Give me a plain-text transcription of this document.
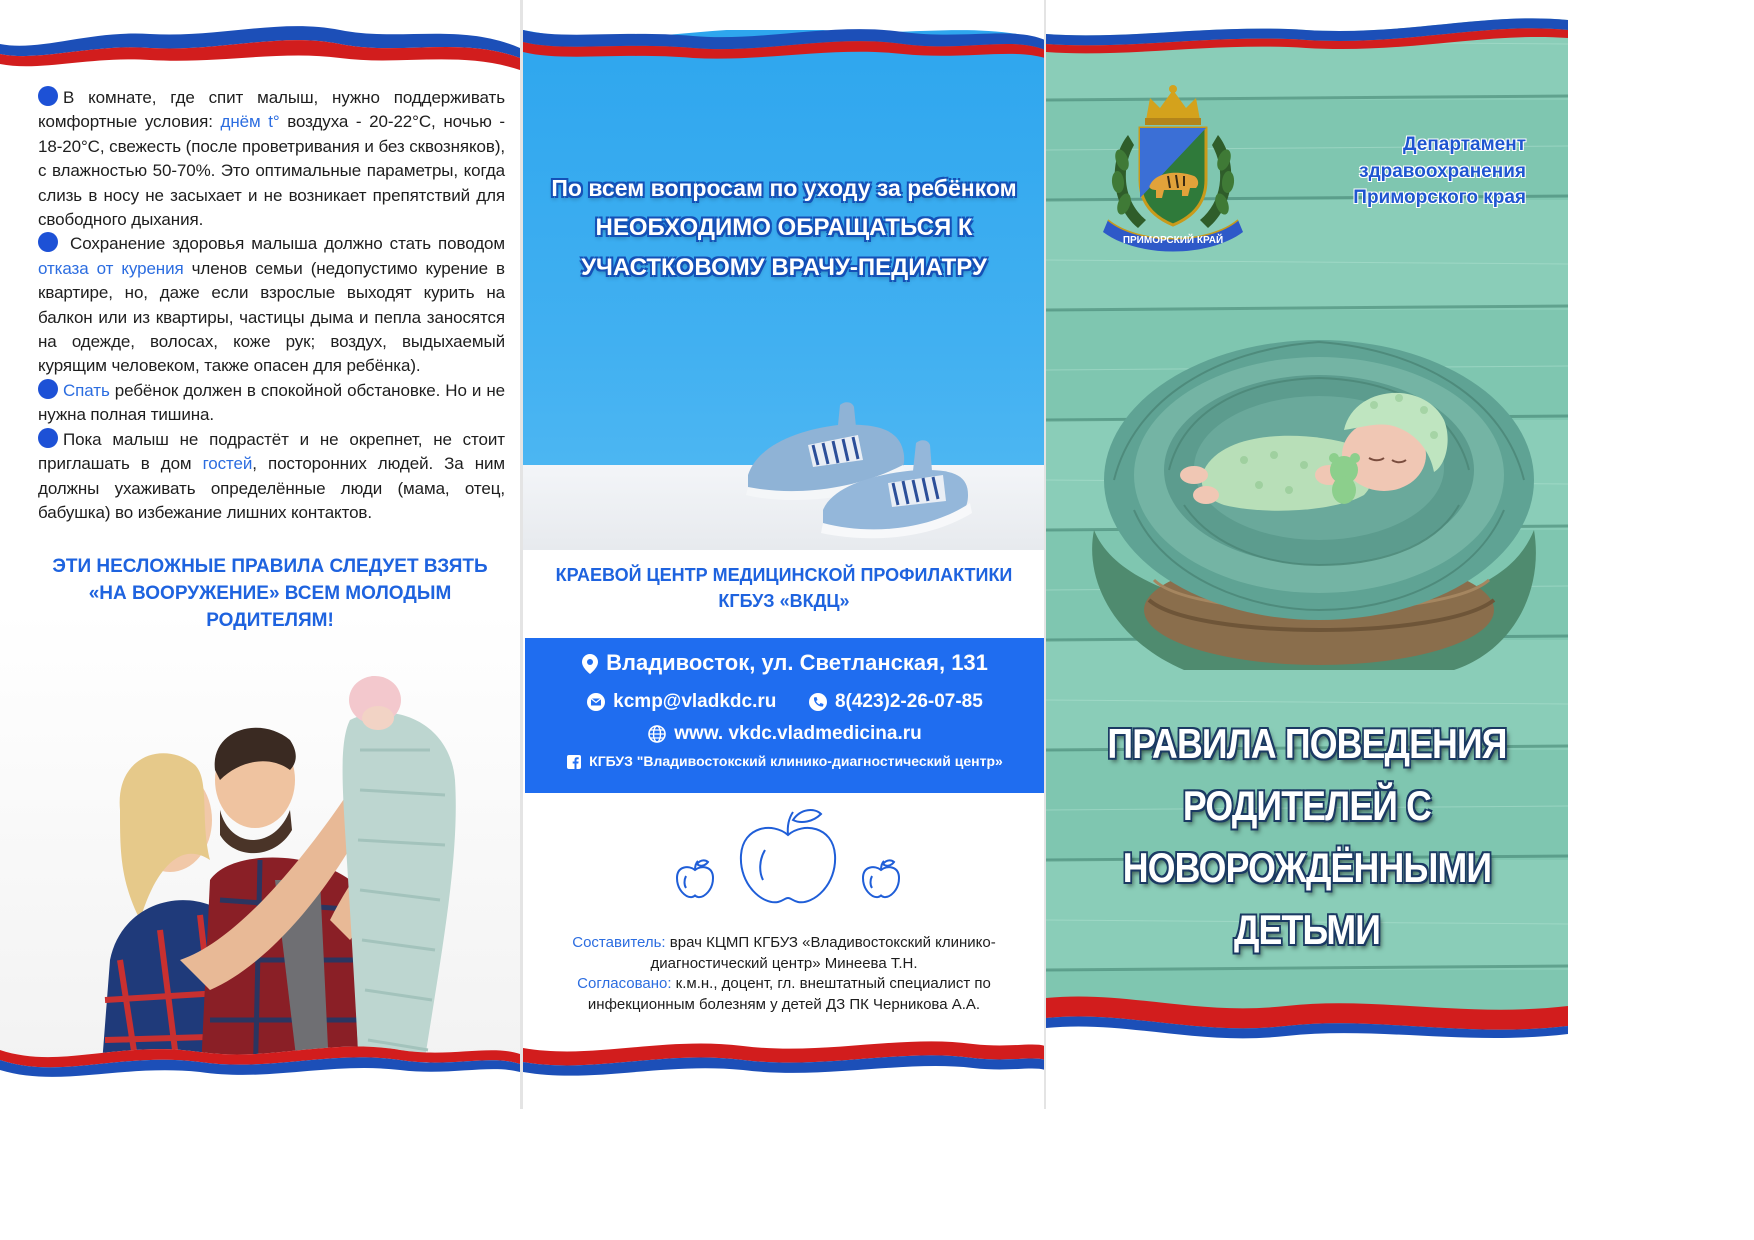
В комнате, где спит малыш, нужно поддерживать комфортные условия: днём t° воздуха - 20-22°C, ночью - 18-20°C, свежесть (после проветривания и без сквозняков), с влажностью 50-70%. Это оптимальные параметры, когда слизь в носу не засыхает и не возникает препятствий для свободного дыхания.

Сохранение здоровья малыша должно стать поводом отказа от курения членов семьи (недопустимо курение в квартире, но, даже если взрослые выходят курить на балкон или из квартиры, частицы дыма и пепла заносятся на одежде, волосах, коже рук; воздух, выдыхаемый курящим человеком, также опасен для ребёнка).

Спать ребёнок должен в спокойной обстановке. Но и не нужна полная тишина.

Пока малыш не подрастёт и не окрепнет, не стоит приглашать в дом гостей, посторонних людей. За ним должны ухаживать определённые люди (мама, отец, бабушка) во избежание лишних контактов.

ЭТИ НЕСЛОЖНЫЕ ПРАВИЛА СЛЕДУЕТ ВЗЯТЬ
«НА ВООРУЖЕНИЕ» ВСЕМ МОЛОДЫМ
РОДИТЕЛЯМ!
По всем вопросам по уходу за ребёнком
НЕОБХОДИМО ОБРАЩАТЬСЯ К
УЧАСТКОВОМУ ВРАЧУ-ПЕДИАТРУ
КРАЕВОЙ ЦЕНТР МЕДИЦИНСКОЙ ПРОФИЛАКТИКИ
КГБУЗ «ВКДЦ»
Владивосток, ул. Светланская, 131
kcmp@vladkdc.ru	8(423)2-26-07-85
www. vkdc.vladmedicina.ru
КГБУЗ "Владивостокский клинико-диагностический центр»
Составитель: врач КЦМП КГБУЗ «Владивостокский клинико-диагностический центр» Минеева Т.Н.
Согласовано: к.м.н., доцент, гл. внештатный специалист по инфекционным болезням у детей ДЗ ПК Черникова А.А.
ПРИМОРСКИЙ КРАЙ
Департамент
здравоохранения
Приморского края
ПРАВИЛА ПОВЕДЕНИЯ
РОДИТЕЛЕЙ С
НОВОРОЖДЁННЫМИ
ДЕТЬМИ
